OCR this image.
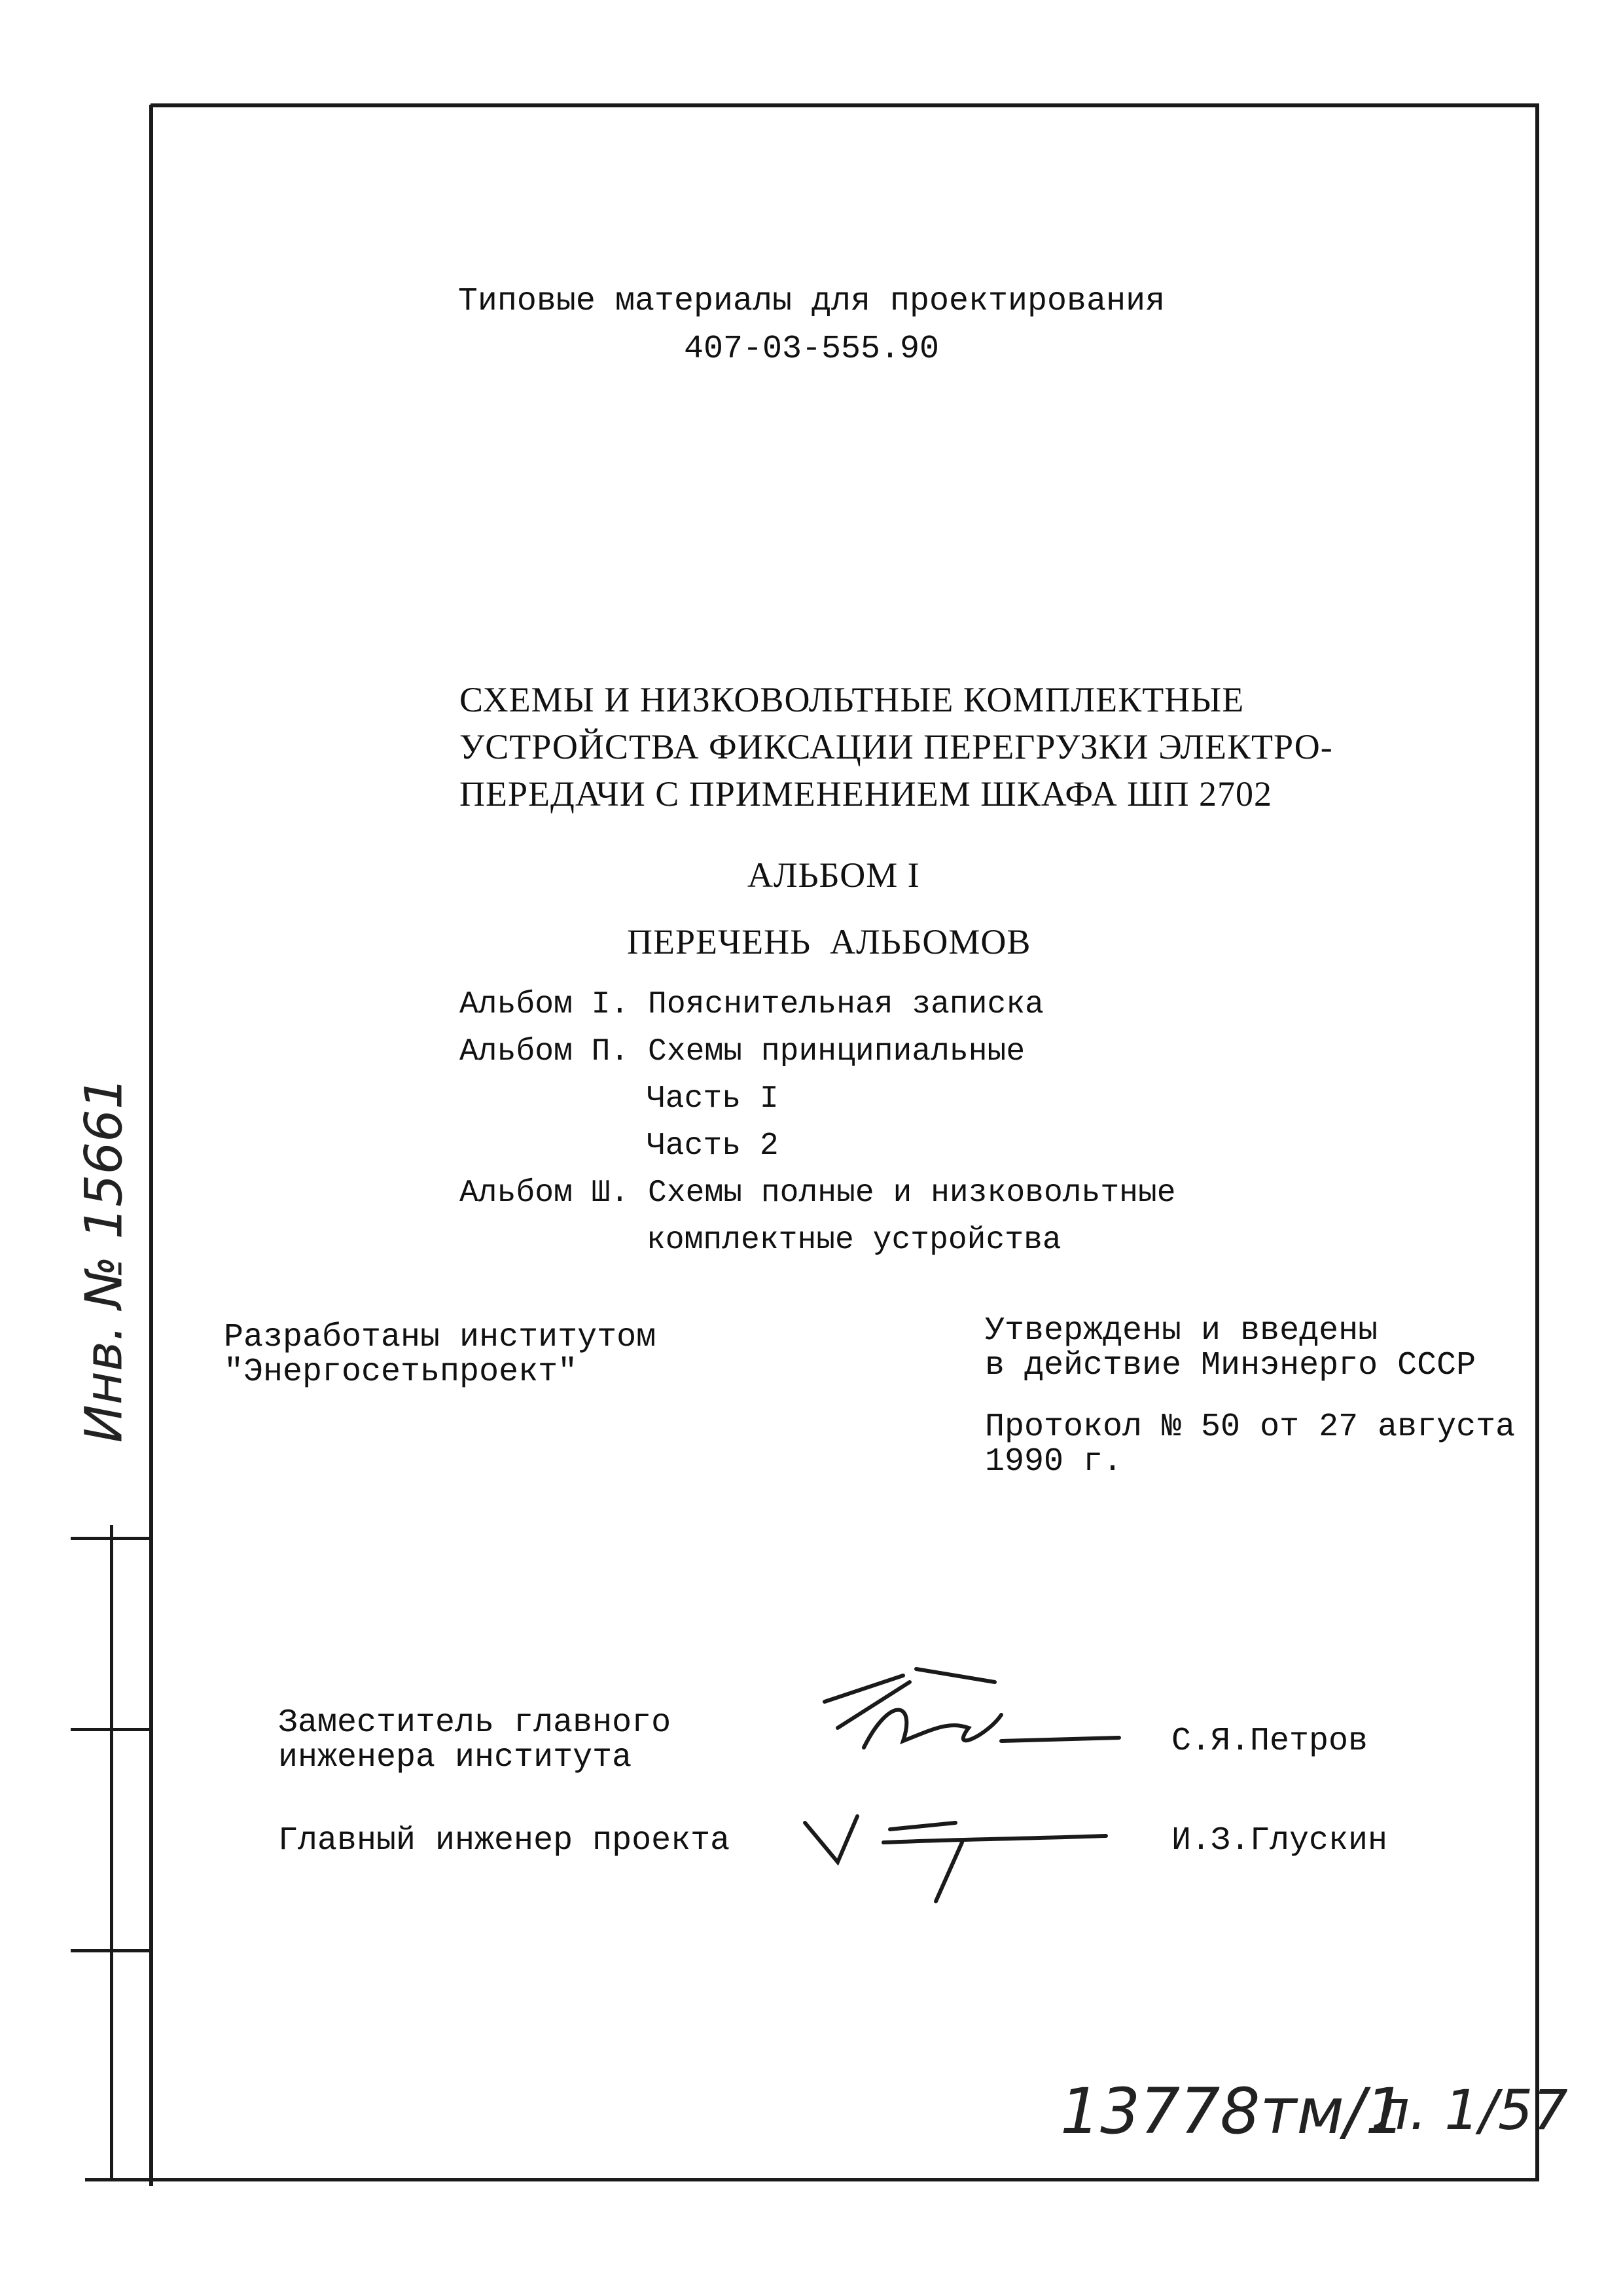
Типовые материалы для проектирования
407-03-555.90
СХЕМЫ И НИЗКОВОЛЬТНЫЕ КОМПЛЕКТНЫЕ
УСТРОЙСТВА ФИКСАЦИИ ПЕРЕГРУЗКИ ЭЛЕКТРО-
ПЕРЕДАЧИ С ПРИМЕНЕНИЕМ ШКАФА ШП 2702
АЛЬБОМ I
ПЕРЕЧЕНЬ  АЛЬБОМОВ
Альбом I. Пояснительная записка
Альбом П. Схемы принципиальные
Часть I
Часть 2
Альбом Ш. Схемы полные и низковольтные
комплектные устройства
Разработаны институтом
"Энергосетьпроект"
Утверждены и введены
в действие Минэнерго СССР
Протокол № 50 от 27 августа
1990 г.
Заместитель главного
инженера института	С.Я.Петров
Главный инженер проекта	И.З.Глускин
Инв. № 15661
13778тм/1
л. 1/57
